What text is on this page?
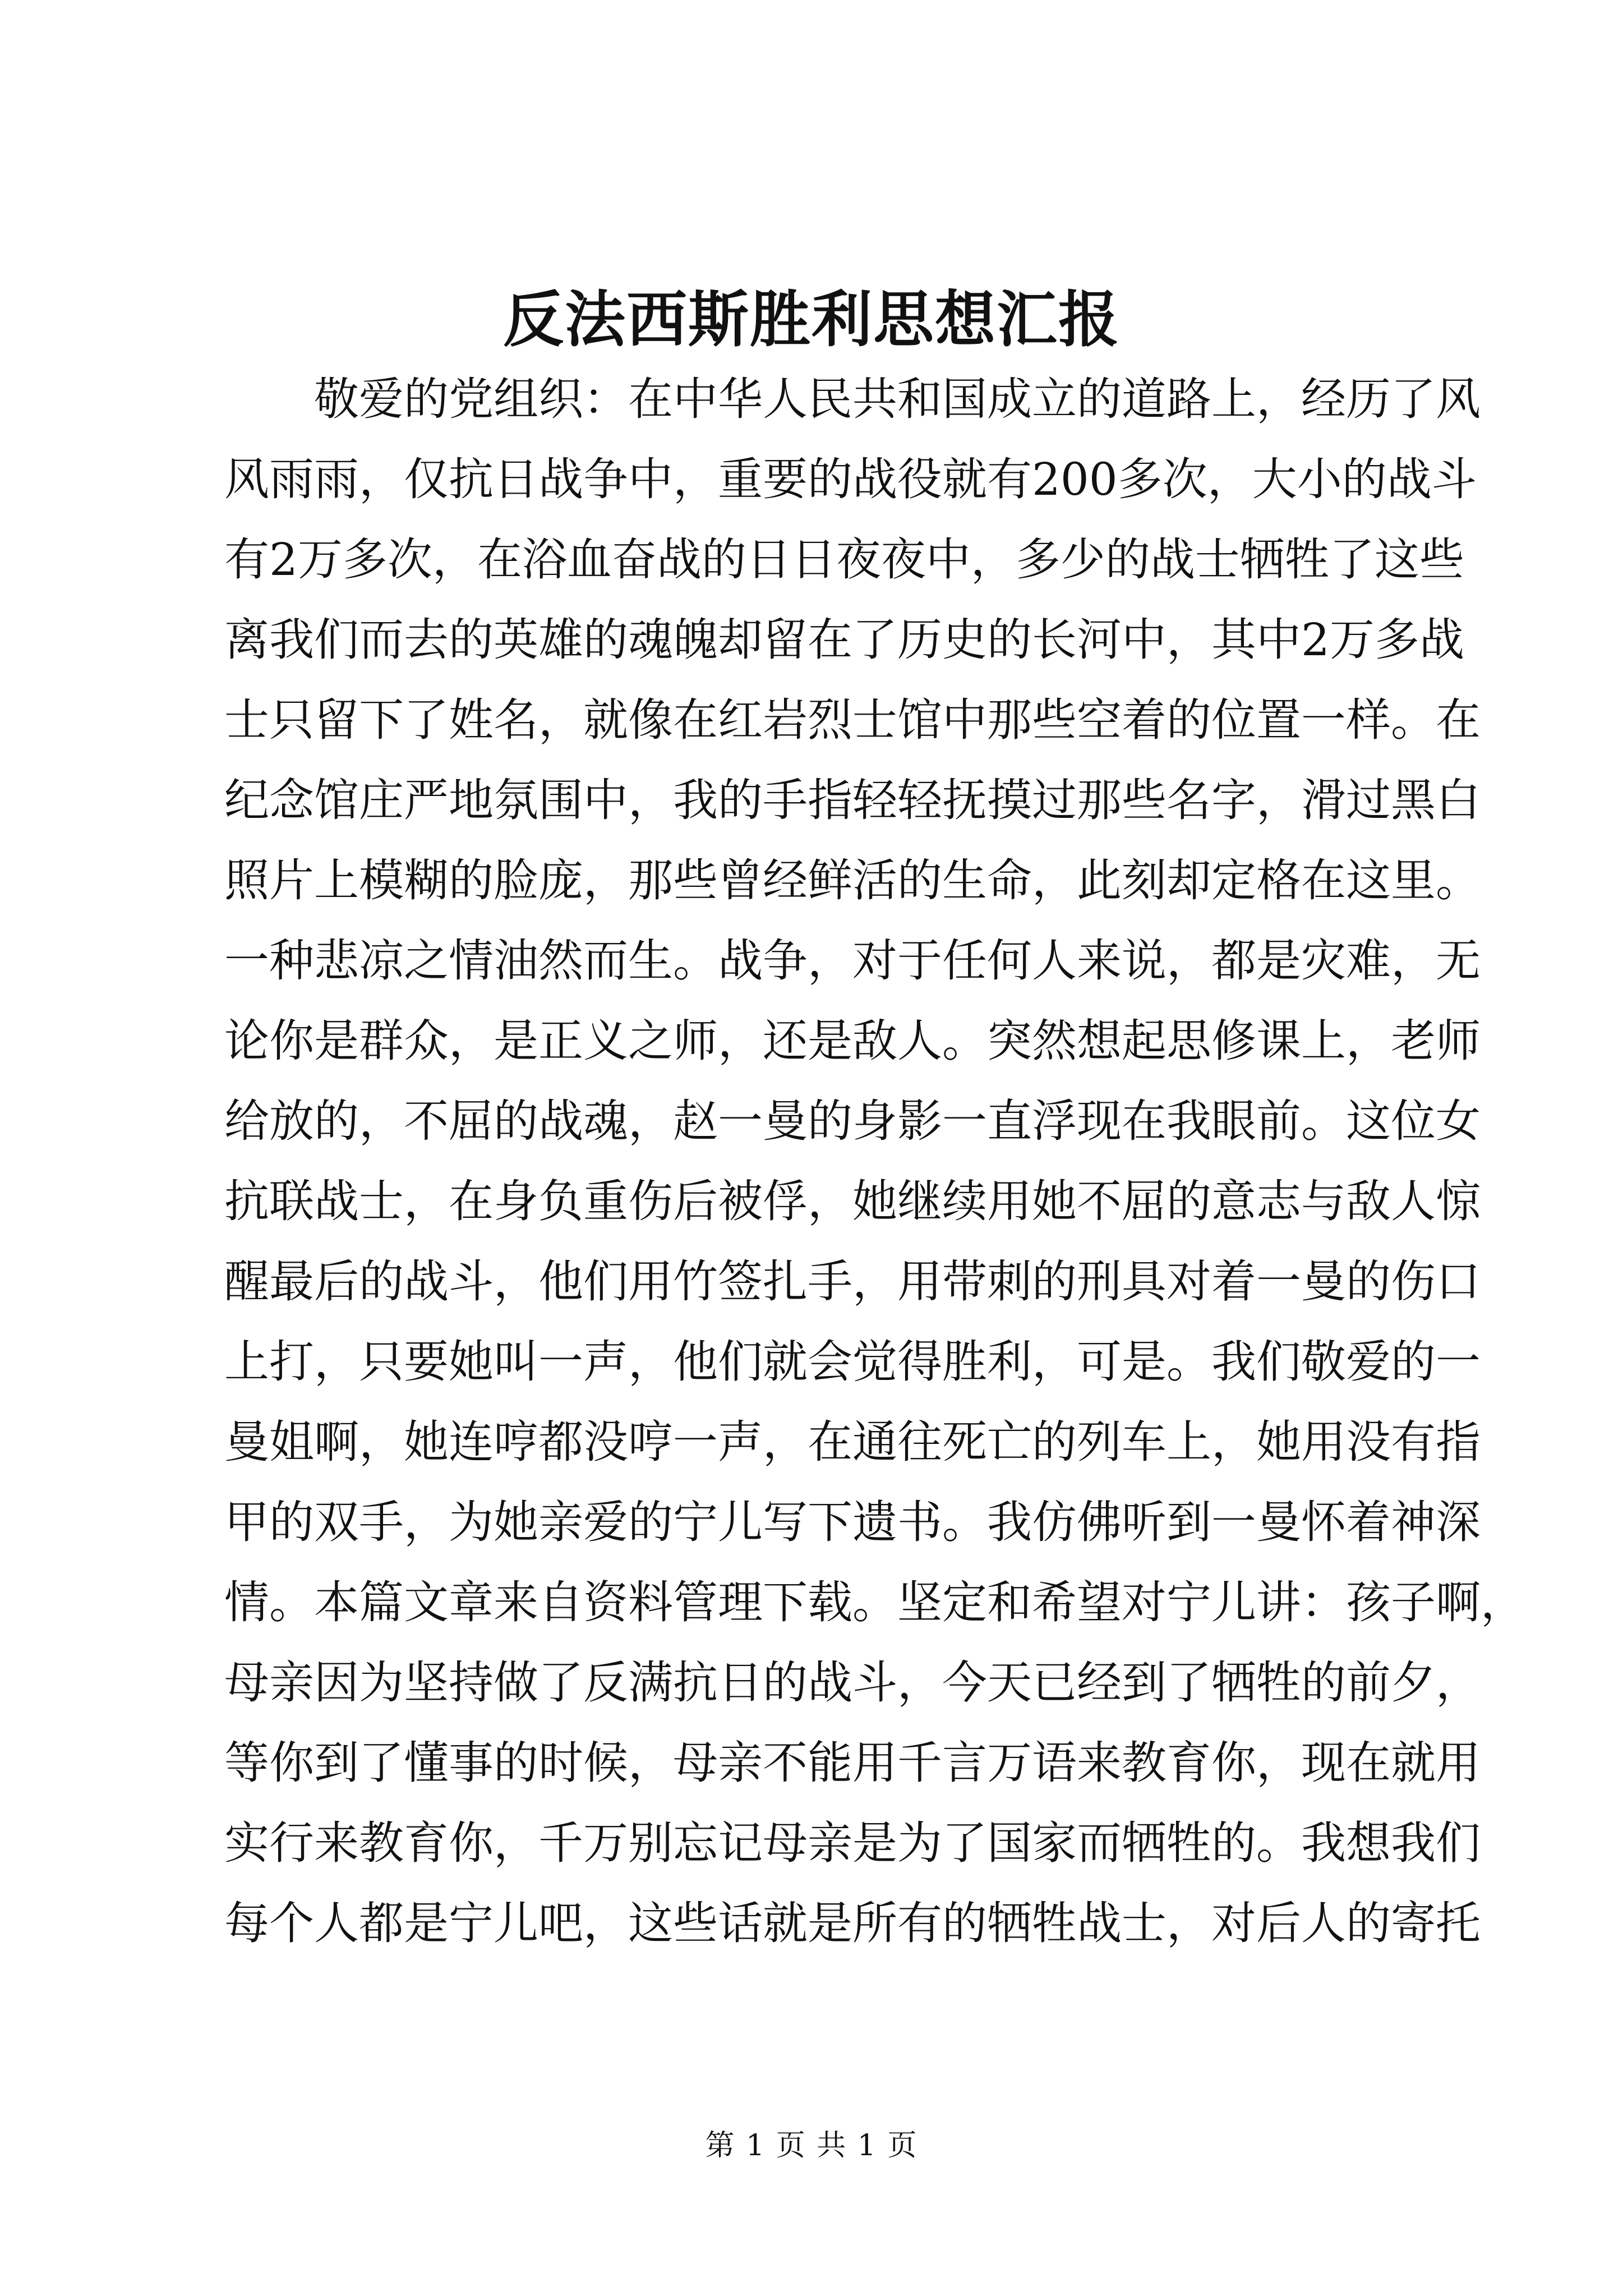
反法西斯胜利思想汇报
敬爱的党组织：在中华人民共和国成立的道路上，经历了风
风雨雨，仅抗日战争中，重要的战役就有200多次，大小的战斗
有2万多次，在浴血奋战的日日夜夜中，多少的战士牺牲了这些
离我们而去的英雄的魂魄却留在了历史的长河中，其中2万多战
士只留下了姓名，就像在红岩烈士馆中那些空着的位置一样。在
纪念馆庄严地氛围中，我的手指轻轻抚摸过那些名字，滑过黑白
照片上模糊的脸庞，那些曾经鲜活的生命，此刻却定格在这里。
一种悲凉之情油然而生。战争，对于任何人来说，都是灾难，无
论你是群众，是正义之师，还是敌人。突然想起思修课上，老师
给放的，不屈的战魂，赵一曼的身影一直浮现在我眼前。这位女
抗联战士，在身负重伤后被俘，她继续用她不屈的意志与敌人惊
醒最后的战斗，他们用竹签扎手，用带刺的刑具对着一曼的伤口
上打，只要她叫一声，他们就会觉得胜利，可是。我们敬爱的一
曼姐啊，她连哼都没哼一声，在通往死亡的列车上，她用没有指
甲的双手，为她亲爱的宁儿写下遗书。我仿佛听到一曼怀着神深
情。本篇文章来自资料管理下载。坚定和希望对宁儿讲：孩子啊，
母亲因为坚持做了反满抗日的战斗，今天已经到了牺牲的前夕，
等你到了懂事的时候，母亲不能用千言万语来教育你，现在就用
实行来教育你，千万别忘记母亲是为了国家而牺牲的。我想我们
每个人都是宁儿吧，这些话就是所有的牺牲战士，对后人的寄托
第 1 页 共 1 页
